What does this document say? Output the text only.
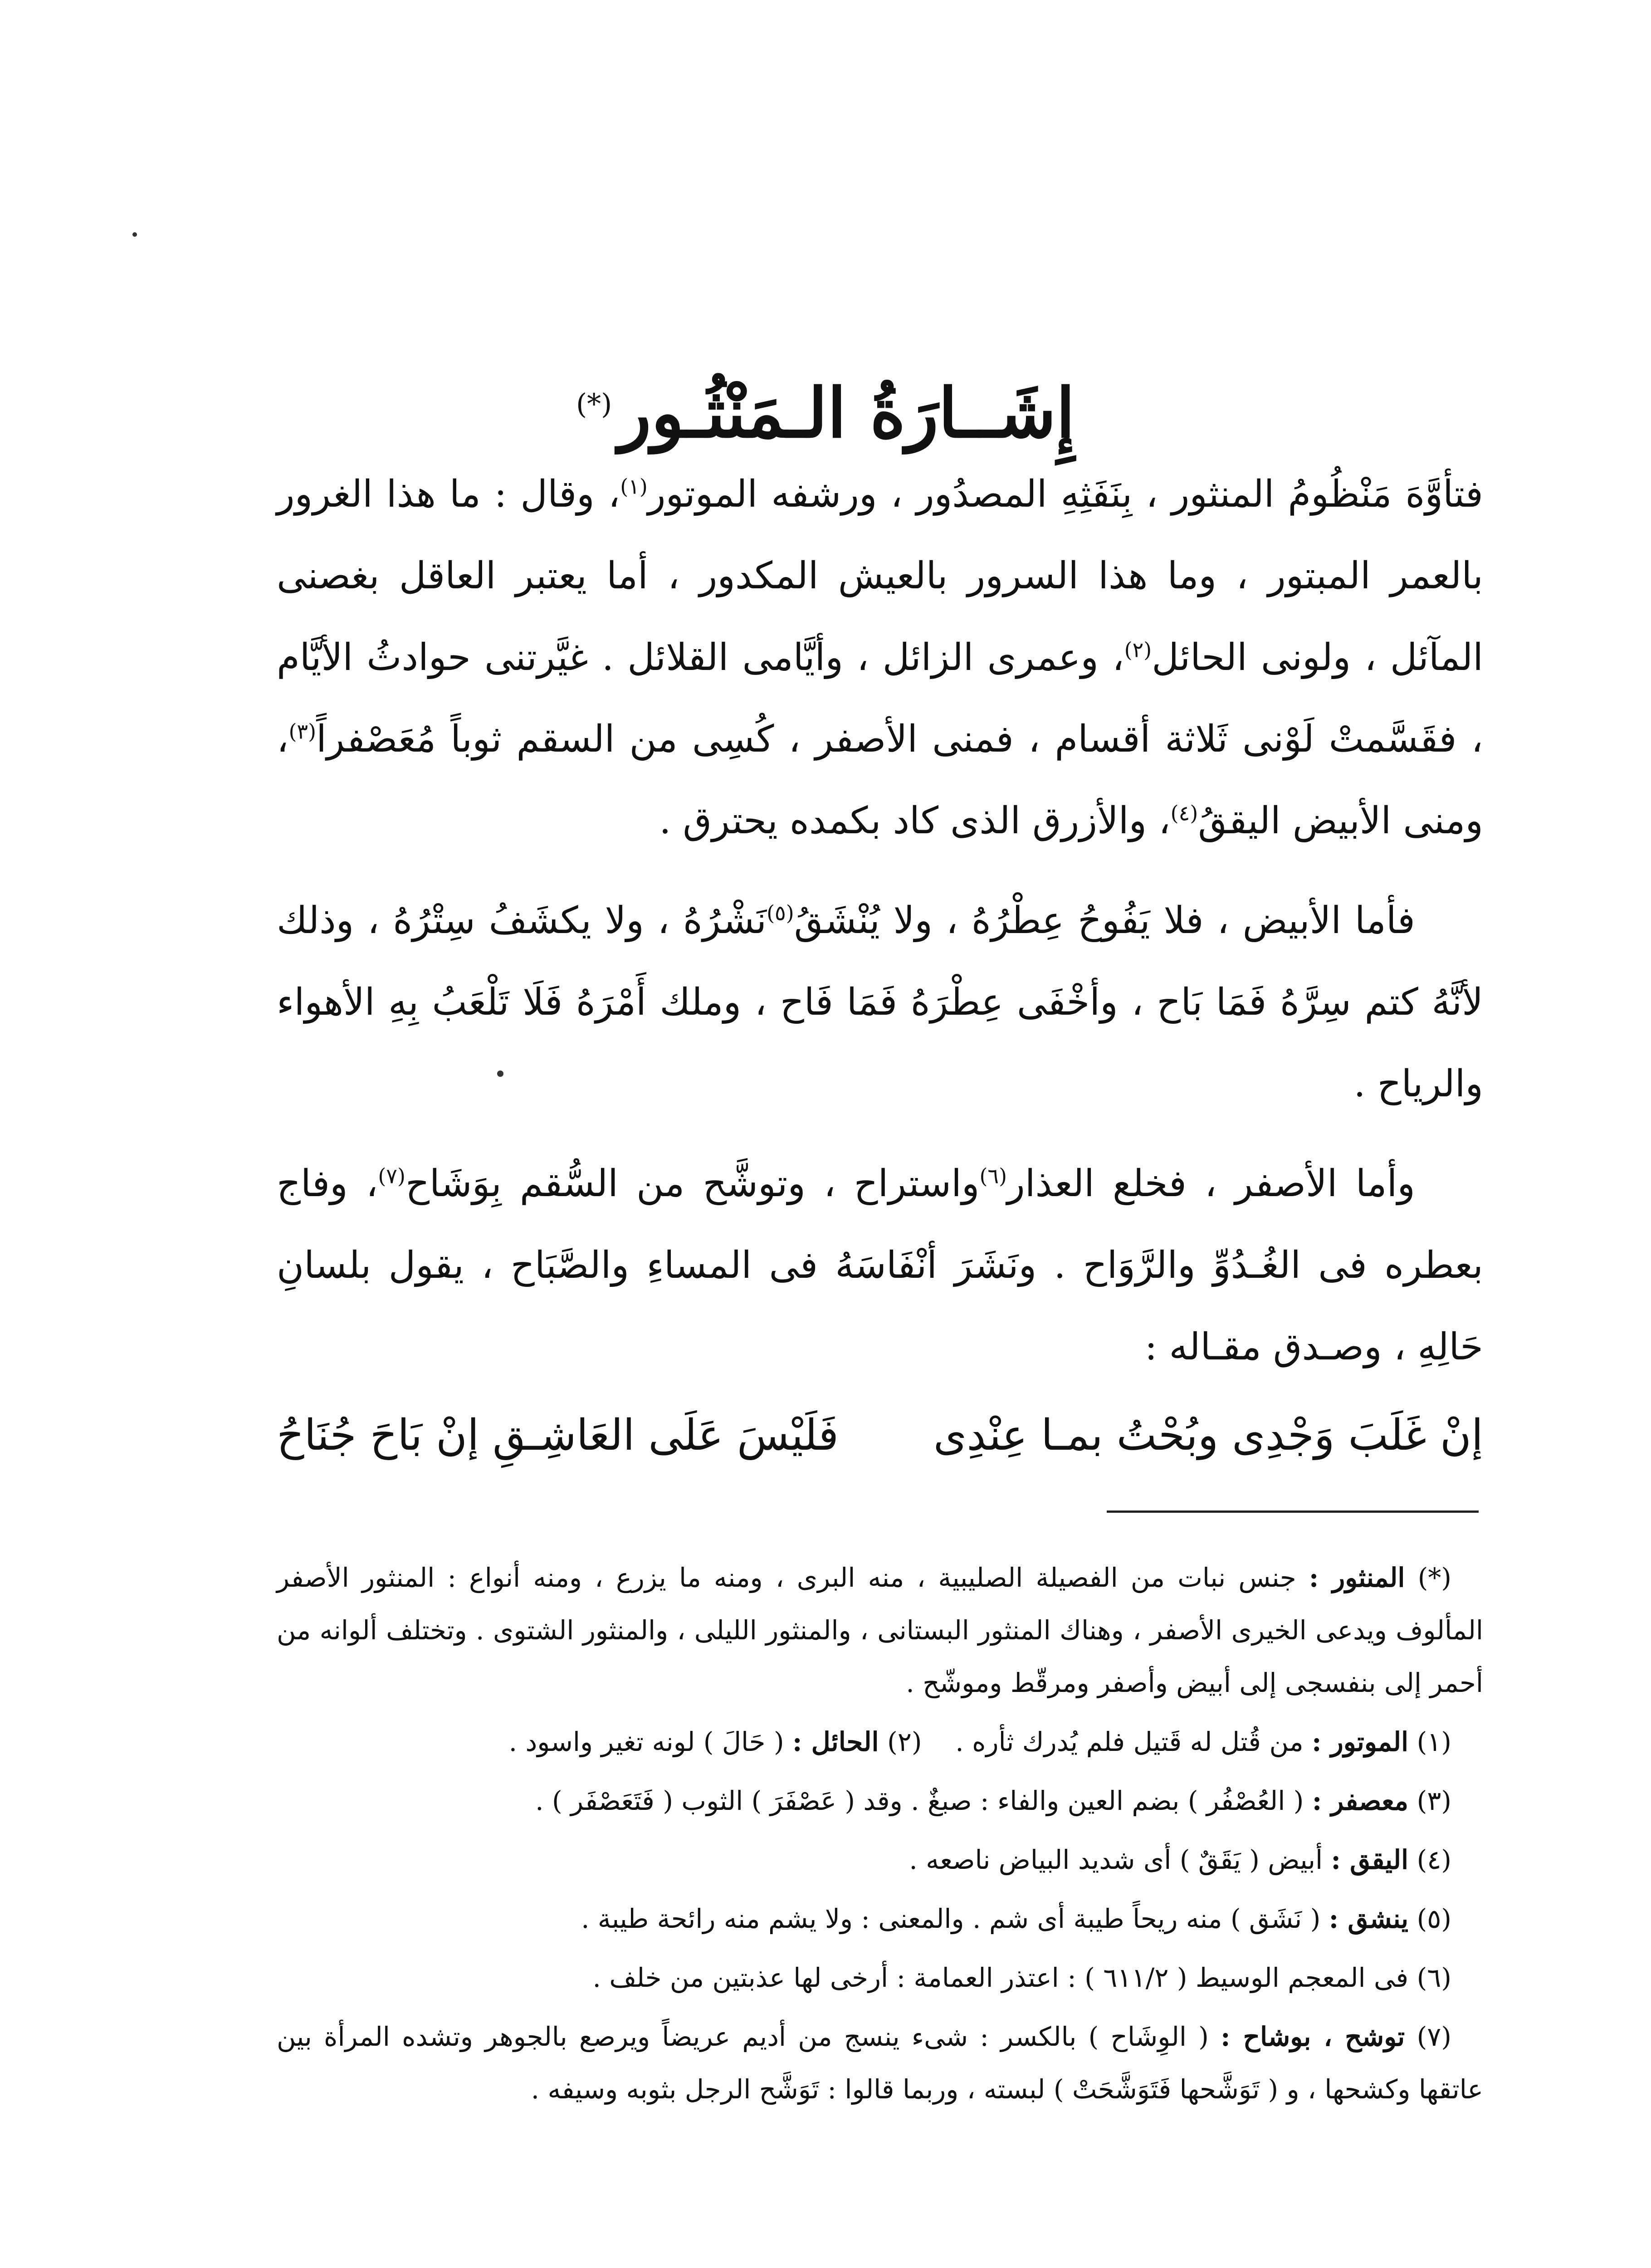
إِشَــارَةُ الـمَنْثُـور(*)

فتأوَّهَ مَنْظُومُ المنثور ، بِنَفَثِهِ المصدُور ، ورشفه الموتور$^{(١)}$، وقال : ما هذا الغرور بالعمر المبتور ، وما هذا السرور بالعيش المكدور ، أما يعتبر العاقل بغصنى المآئل ، ولونى الحائل$^{(٢)}$، وعمرى الزائل ، وأيَّامى القلائل . غيَّرتنى حوادثُ الأيَّام ، فقَسَّمتْ لَوْنى ثَلاثة أقسام ، فمنى الأصفر ، كُسِى من السقم ثوباً مُعَصْفراً$^{(٣)}$، ومنى الأبيض اليققُ$^{(٤)}$، والأزرق الذى كاد بكمده يحترق .

فأما الأبيض ، فلا يَفُوحُ عِطْرُهُ ، ولا يُنْشَقُ$^{(٥)}$نَشْرُهُ ، ولا يكشَفُ سِتْرُهُ ، وذلك لأنَّهُ كتم سِرَّهُ فَمَا بَاح ، وأخْفَى عِطْرَهُ فَمَا فَاح ، وملك أَمْرَهُ فَلَا تَلْعَبُ بِهِ الأهواء والرياح .

وأما الأصفر ، فخلع العذار$^{(٦)}$واستراح ، وتوشَّح من السُّقم بِوَشَاح$^{(٧)}$، وفاج بعطره فى الغُـدُوِّ والرَّوَاح . ونَشَرَ أنْفَاسَهُ فى المساءِ والصَّبَاح ، يقول بلسانِ حَالِهِ ، وصـدق مقـاله :

إنْ غَلَبَ وَجْدِى وبُحْتُ بمـا عِنْدِى
فَلَيْسَ عَلَى العَاشِـقِ إنْ بَاحَ جُنَاحُ

(*) المنثور : جنس نبات من الفصيلة الصليبية ، منه البرى ، ومنه ما يزرع ، ومنه أنواع : المنثور الأصفر المألوف ويدعى الخيرى الأصفر ، وهناك المنثور البستانى ، والمنثور الليلى ، والمنثور الشتوى . وتختلف ألوانه من أحمر إلى بنفسجى إلى أبيض وأصفر ومرقّط وموشّح .

(١) الموتور : من قُتل له قَتيل فلم يُدرك ثأره .    (٢) الحائل : ( حَالَ ) لونه تغير واسود .

(٣) معصفر : ( العُصْفُر ) بضم العين والفاء : صبغٌ . وقد ( عَصْفَرَ ) الثوب ( فَتَعَصْفَر ) .

(٤) اليقق : أبيض ( يَقَقٌ ) أى شديد البياض ناصعه .

(٥) ينشق : ( نَشَق ) منه ريحاً طيبة أى شم . والمعنى : ولا يشم منه رائحة طيبة .

(٦) فى المعجم الوسيط ( ٦١١/٢ ) : اعتذر العمامة : أرخى لها عذبتين من خلف .

(٧) توشح ، بوشاح : ( الوِشَاح ) بالكسر : شىء ينسج من أديم عريضاً ويرصع بالجوهر وتشده المرأة بين عاتقها وكشحها ، و ( تَوَشَّحها فَتَوَشَّحَتْ ) لبسته ، وربما قالوا : تَوَشَّح الرجل بثوبه وسيفه .
